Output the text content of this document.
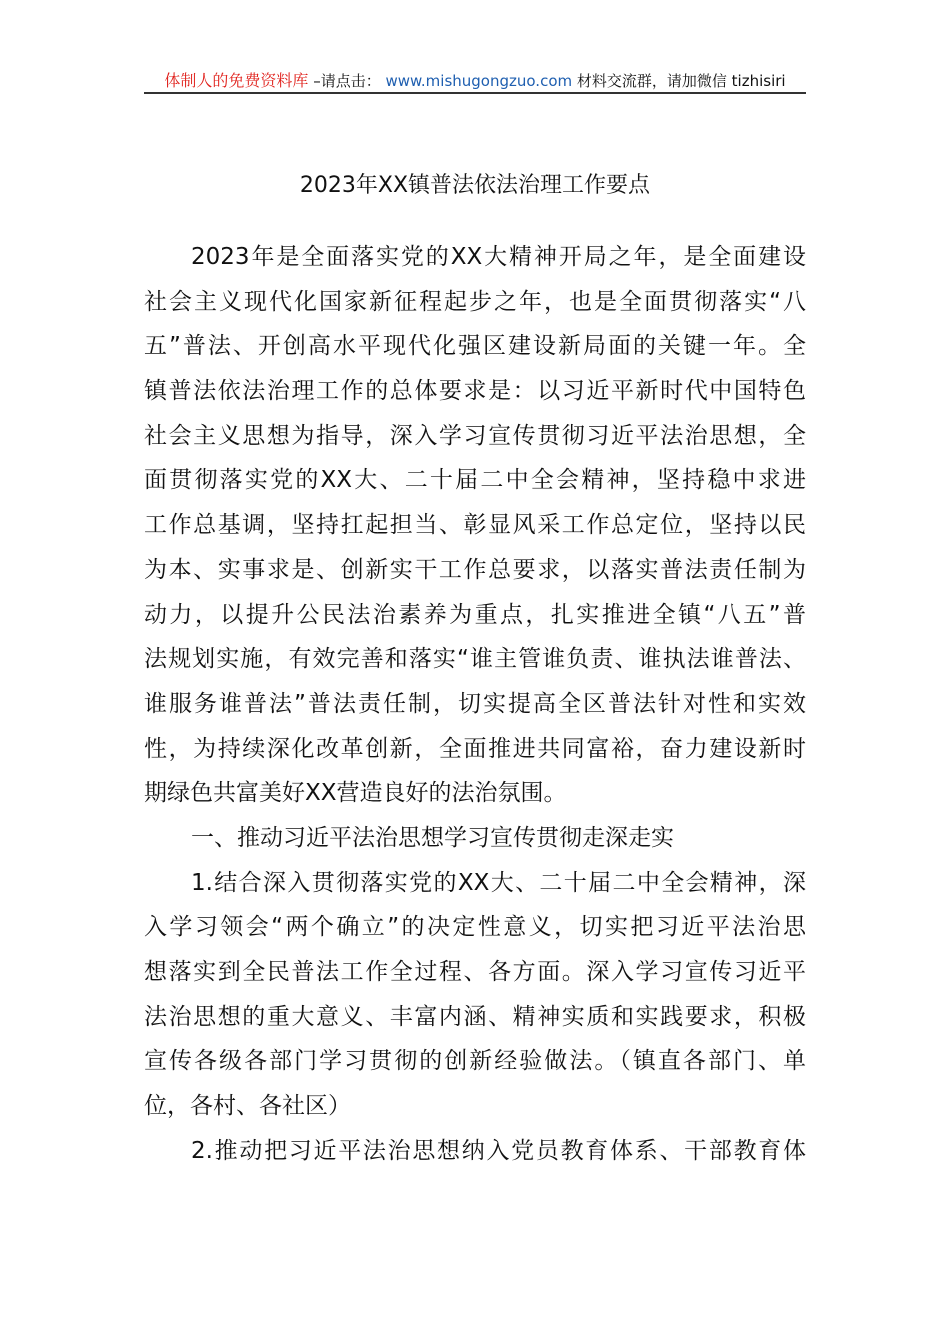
体制人的免费资料库 –请点击： www.mishugongzuo.com 材料交流群，请加微信 tizhisiri
2023年XX镇普法依法治理工作要点
2023年是全面落实党的XX大精神开局之年，是全面建设
社会主义现代化国家新征程起步之年，也是全面贯彻落实“八
五”普法、开创高水平现代化强区建设新局面的关键一年。全
镇普法依法治理工作的总体要求是：以习近平新时代中国特色
社会主义思想为指导，深入学习宣传贯彻习近平法治思想，全
面贯彻落实党的XX大、二十届二中全会精神，坚持稳中求进
工作总基调，坚持扛起担当、彰显风采工作总定位，坚持以民
为本、实事求是、创新实干工作总要求，以落实普法责任制为
动力，以提升公民法治素养为重点，扎实推进全镇“八五”普
法规划实施，有效完善和落实“谁主管谁负责、谁执法谁普法、
谁服务谁普法”普法责任制，切实提高全区普法针对性和实效
性，为持续深化改革创新，全面推进共同富裕，奋力建设新时
期绿色共富美好XX营造良好的法治氛围。
一、推动习近平法治思想学习宣传贯彻走深走实
1.结合深入贯彻落实党的XX大、二十届二中全会精神，深
入学习领会“两个确立”的决定性意义，切实把习近平法治思
想落实到全民普法工作全过程、各方面。深入学习宣传习近平
法治思想的重大意义、丰富内涵、精神实质和实践要求，积极
宣传各级各部门学习贯彻的创新经验做法。（镇直各部门、单
位，各村、各社区）
2.推动把习近平法治思想纳入党员教育体系、干部教育体
